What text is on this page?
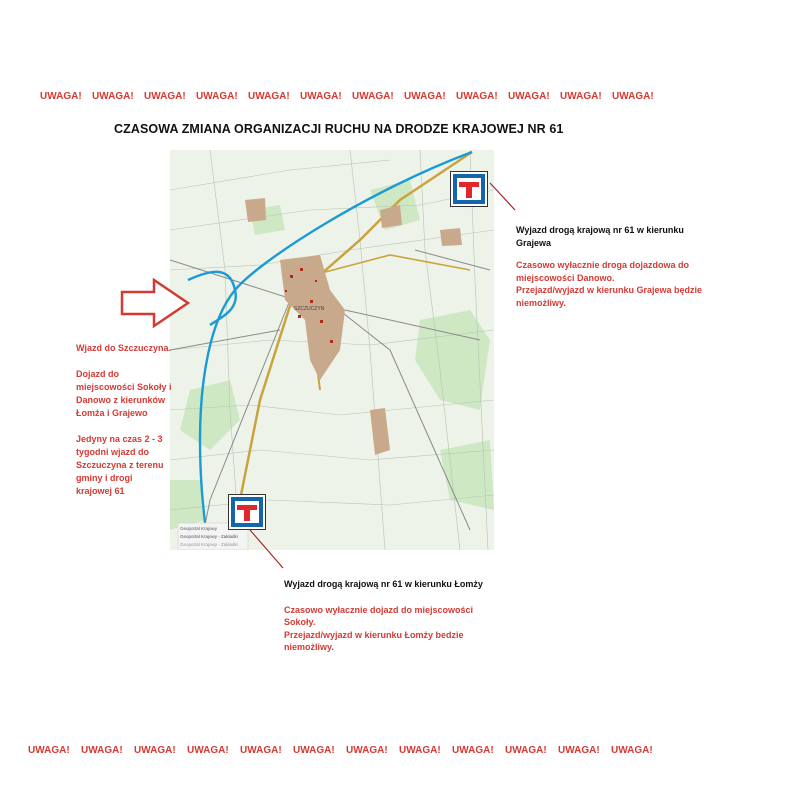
UWAGA! UWAGA! UWAGA! UWAGA! UWAGA! UWAGA! UWAGA! UWAGA! UWAGA! UWAGA! UWAGA! UWAGA!
CZASOWA ZMIANA ORGANIZACJI RUCHU NA DRODZE KRAJOWEJ NR 61
SZCZUCZYN
Geoportal Krajowy
Geoportal Krajowy - Zakładki
Geoportal Krajowy - Zakładki
Wyjazd drogą krajową nr 61 w kierunku
Grajewa
Czasowo wyłacznie droga dojazdowa do
miejscowości Danowo.
Przejazd/wyjazd w kierunku Grajewa będzie
niemożliwy.
Wjazd do Szczuczyna.
Dojazd do
miejscowości Sokoły i
Danowo z kierunków
Łomża i Grajewo
Jedyny na czas 2 - 3
tygodni wjazd do
Szczuczyna z terenu
gminy i drogi
krajowej 61
Wyjazd drogą krajową nr 61 w kierunku Łomży
Czasowo wyłacznie dojazd do miejscowości
Sokoły.
Przejazd/wyjazd w kierunku Łomży bedzie
niemożliwy.
UWAGA! UWAGA! UWAGA! UWAGA! UWAGA! UWAGA! UWAGA! UWAGA! UWAGA! UWAGA! UWAGA! UWAGA!
